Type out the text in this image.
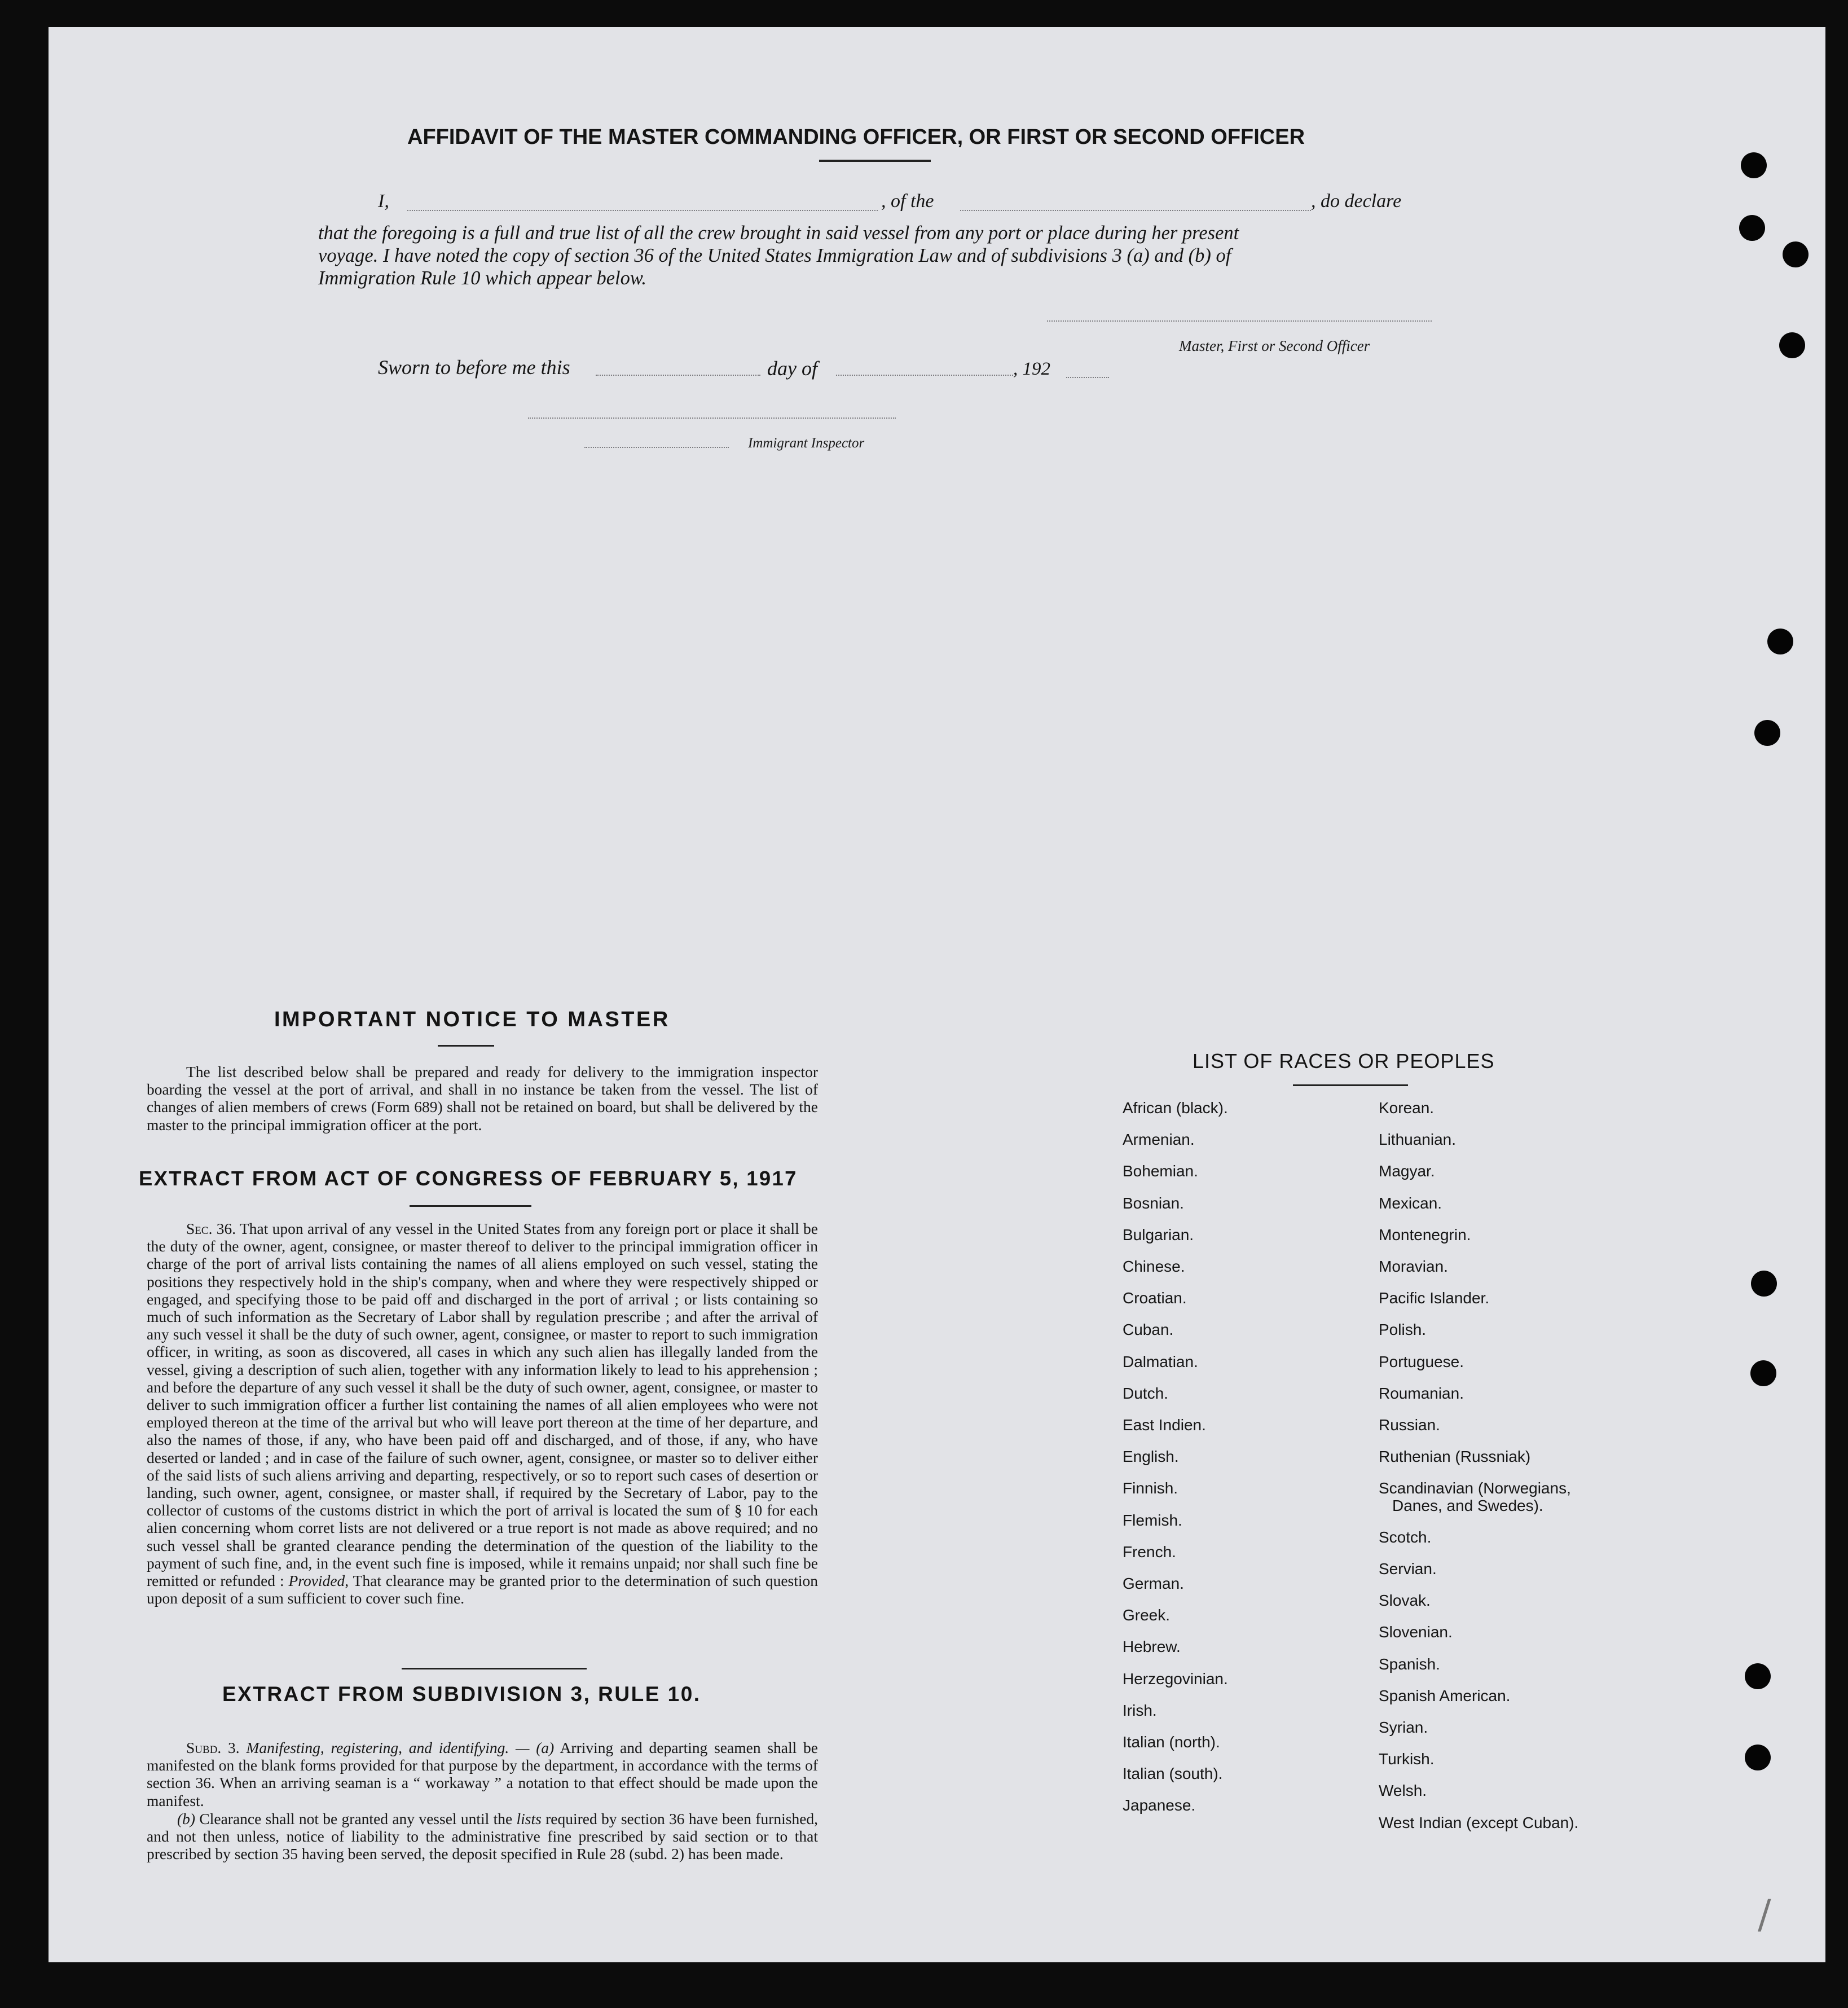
AFFIDAVIT OF THE MASTER COMMANDING OFFICER, OR FIRST OR SECOND OFFICER
I,	, of the	, do declare
that the foregoing is a full and true list of all the crew brought in said vessel from any port or place during her present
voyage. I have noted the copy of section 36 of the United States Immigration Law and of subdivisions 3 (a) and (b) of
Immigration Rule 10 which appear below.
Master, First or Second Officer
Sworn to before me this	day of	, 192
Immigrant Inspector
IMPORTANT NOTICE TO MASTER
The list described below shall be prepared and ready for delivery to the immigration inspector boarding the vessel at the port of arrival, and shall in no instance be taken from the vessel. The list of changes of alien members of crews (Form 689) shall not be retained on board, but shall be delivered by the master to the principal immigration officer at the port.
EXTRACT FROM ACT OF CONGRESS OF FEBRUARY 5, 1917
Sec. 36. That upon arrival of any vessel in the United States from any foreign port or place it shall be the duty of the owner, agent, consignee, or master thereof to deliver to the principal immigration officer in charge of the port of arrival lists containing the names of all aliens employed on such vessel, stating the positions they respectively hold in the ship's company, when and where they were respectively shipped or engaged, and specifying those to be paid off and discharged in the port of arrival ; or lists containing so much of such information as the Secretary of Labor shall by regulation prescribe ; and after the arrival of any such vessel it shall be the duty of such owner, agent, consignee, or master to report to such immigration officer, in writing, as soon as discovered, all cases in which any such alien has illegally landed from the vessel, giving a description of such alien, together with any information likely to lead to his apprehension ; and before the departure of any such vessel it shall be the duty of such owner, agent, consignee, or master to deliver to such immigration officer a further list containing the names of all alien employees who were not employed thereon at the time of the arrival but who will leave port thereon at the time of her departure, and also the names of those, if any, who have been paid off and discharged, and of those, if any, who have deserted or landed ; and in case of the failure of such owner, agent, consignee, or master so to deliver either of the said lists of such aliens arriving and departing, respectively, or so to report such cases of desertion or landing, such owner, agent, consignee, or master shall, if required by the Secretary of Labor, pay to the collector of customs of the customs district in which the port of arrival is located the sum of § 10 for each alien concerning whom corret lists are not delivered or a true report is not made as above required; and no such vessel shall be granted clearance pending the determination of the question of the liability to the payment of such fine, and, in the event such fine is imposed, while it remains unpaid; nor shall such fine be remitted or refunded : Provided, That clearance may be granted prior to the determination of such question upon deposit of a sum sufficient to cover such fine.
EXTRACT FROM SUBDIVISION 3, RULE 10.
Subd. 3. Manifesting, registering, and identifying. — (a) Arriving and departing seamen shall be manifested on the blank forms provided for that purpose by the department, in accordance with the terms of section 36. When an arriving seaman is a “ workaway ” a notation to that effect should be made upon the manifest.
(b) Clearance shall not be granted any vessel until the lists required by section 36 have been furnished, and not then unless, notice of liability to the administrative fine prescribed by said section or to that prescribed by section 35 having been served, the deposit specified in Rule 28 (subd. 2) has been made.
LIST OF RACES OR PEOPLES
African (black).
Armenian.
Bohemian.
Bosnian.
Bulgarian.
Chinese.
Croatian.
Cuban.
Dalmatian.
Dutch.
East Indien.
English.
Finnish.
Flemish.
French.
German.
Greek.
Hebrew.
Herzegovinian.
Irish.
Italian (north).
Italian (south).
Japanese.
Korean.
Lithuanian.
Magyar.
Mexican.
Montenegrin.
Moravian.
Pacific Islander.
Polish.
Portuguese.
Roumanian.
Russian.
Ruthenian (Russniak)
Scandinavian (Norwegians,
Danes, and Swedes).
Scotch.
Servian.
Slovak.
Slovenian.
Spanish.
Spanish American.
Syrian.
Turkish.
Welsh.
West Indian (except Cuban).
/
